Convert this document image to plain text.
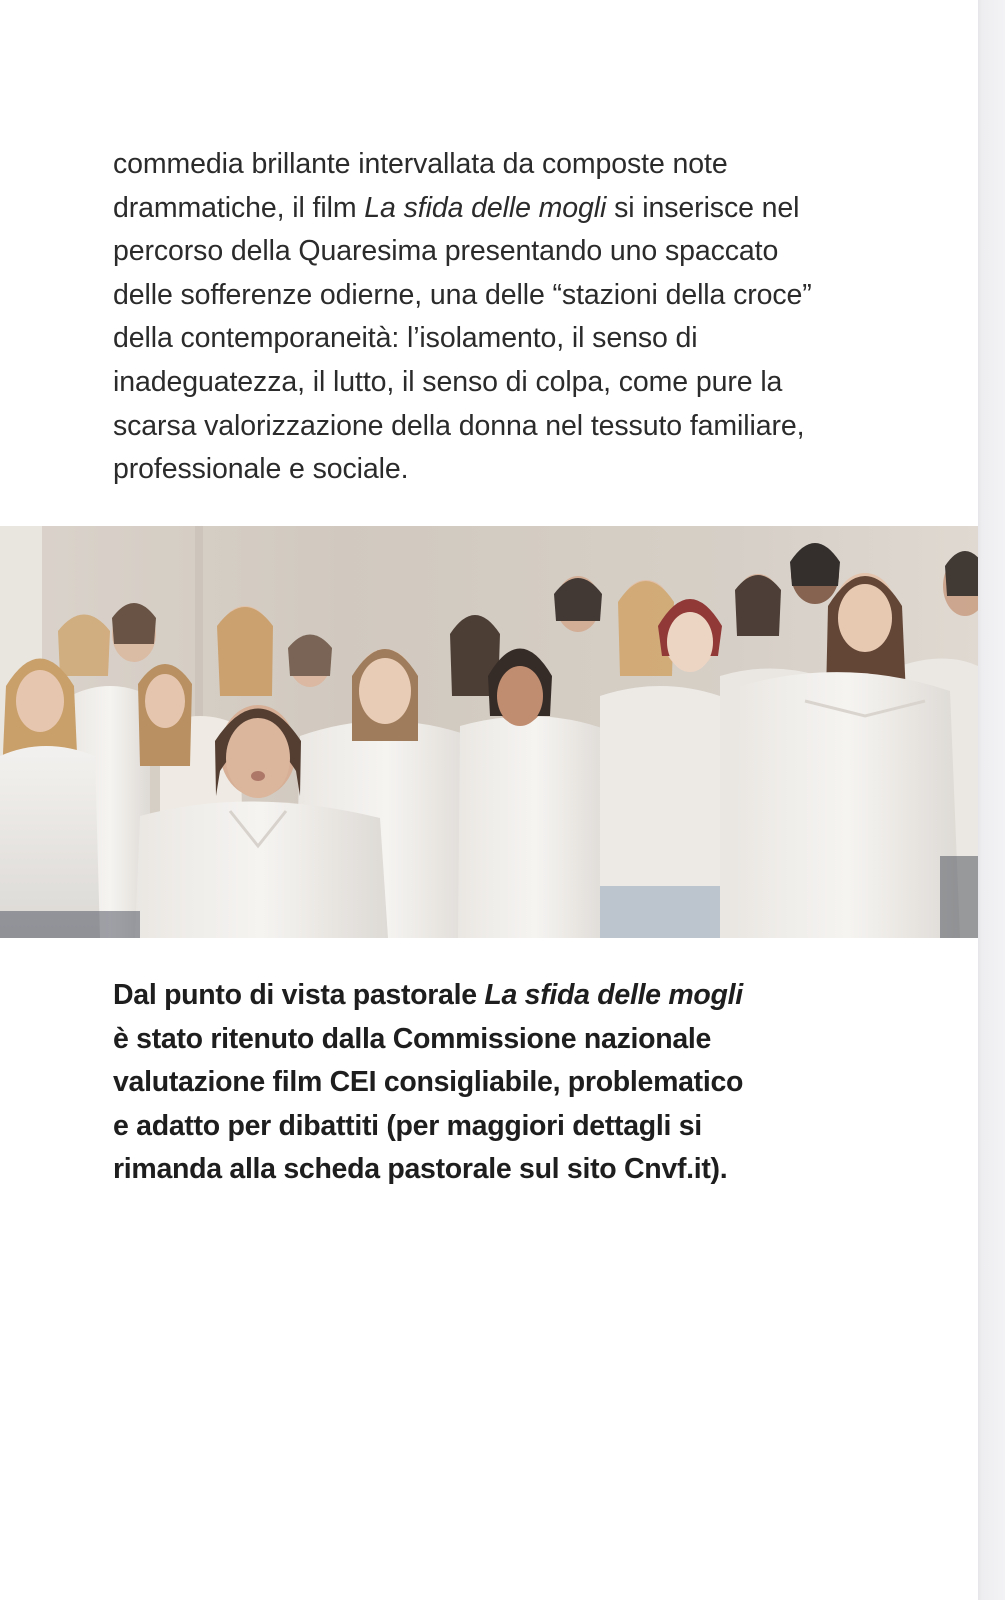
commedia brillante intervallata da composte note
drammatiche, il film La sfida delle mogli si inserisce nel
percorso della Quaresima presentando uno spaccato
delle sofferenze odierne, una delle “stazioni della croce”
della contemporaneità: l’isolamento, il senso di
inadeguatezza, il lutto, il senso di colpa, come pure la
scarsa valorizzazione della donna nel tessuto familiare,
professionale e sociale.

Dal punto di vista pastorale La sfida delle mogli
è stato ritenuto dalla Commissione nazionale
valutazione film CEI consigliabile, problematico
e adatto per dibattiti (per maggiori dettagli si
rimanda alla scheda pastorale sul sito Cnvf.it).
